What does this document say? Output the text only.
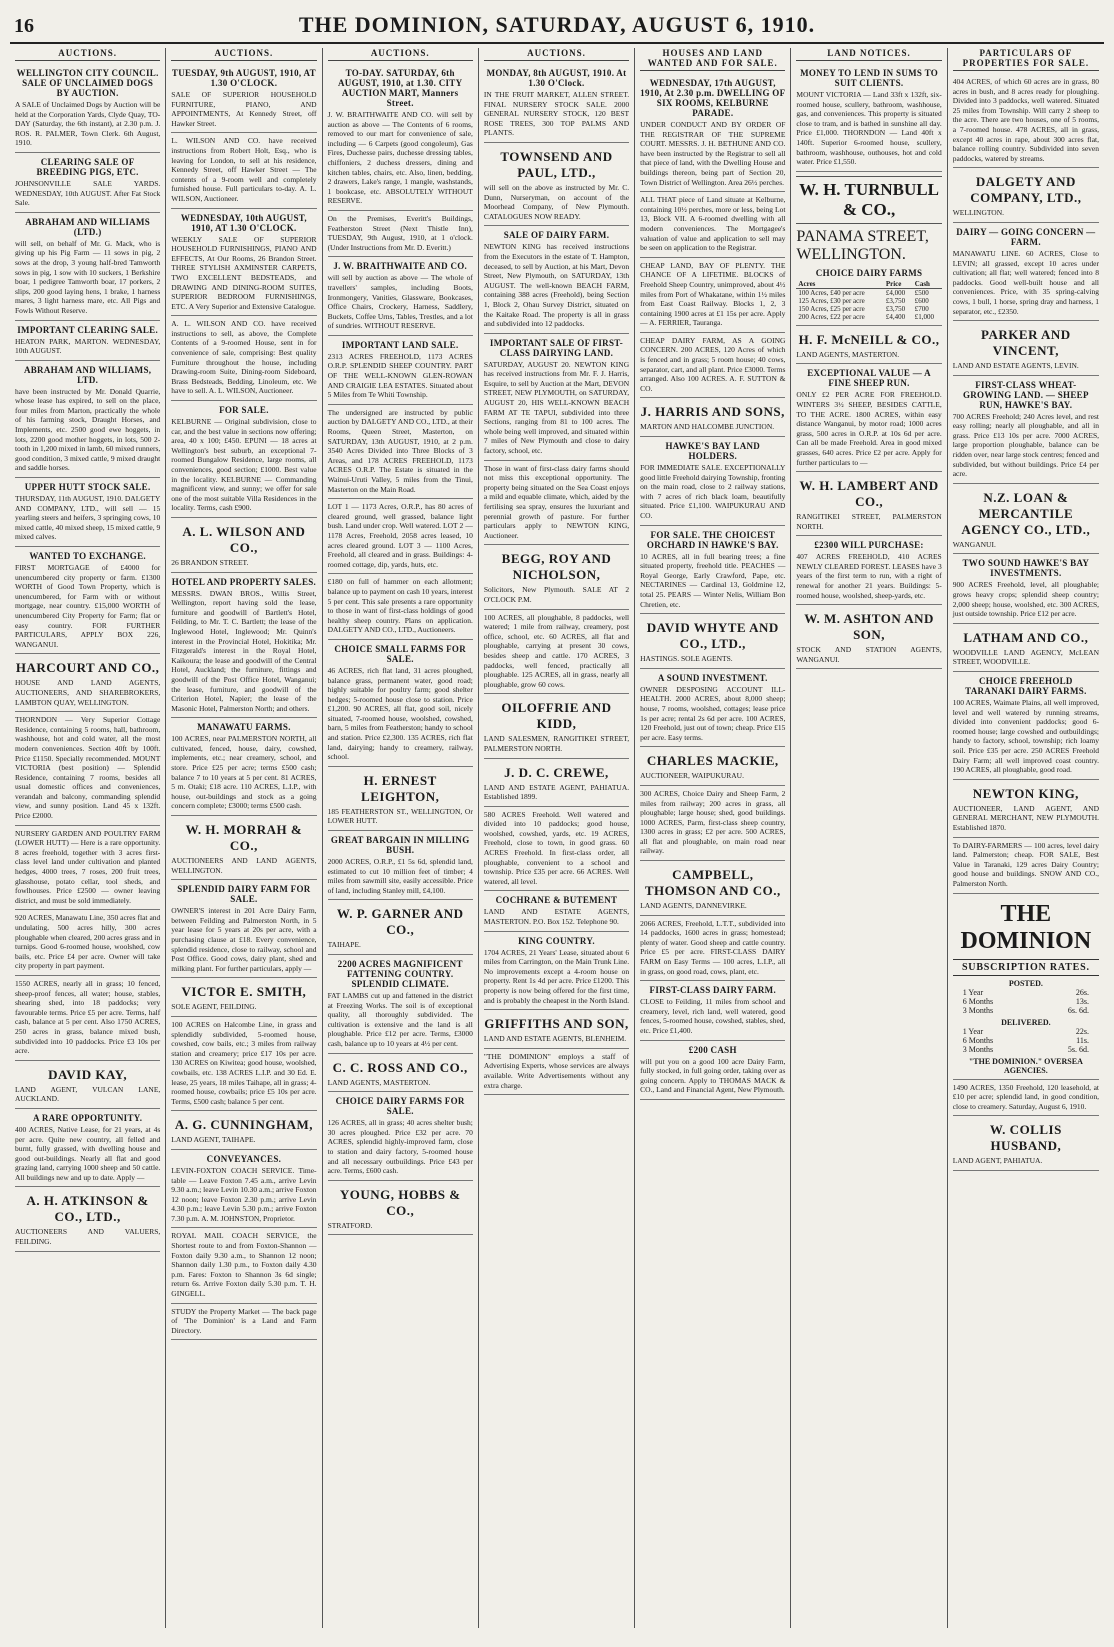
16	THE DOMINION, SATURDAY, AUGUST 6, 1910.
AUCTIONS.
WELLINGTON CITY COUNCIL. SALE OF UNCLAIMED DOGS BY AUCTION.

A SALE of Unclaimed Dogs by Auction will be held at the Corporation Yards, Clyde Quay, TO-DAY (Saturday, the 6th instant), at 2.30 p.m. J. ROS. R. PALMER, Town Clerk. 6th August, 1910.

CLEARING SALE OF BREEDING PIGS, ETC.

JOHNSONVILLE SALE YARDS. WEDNESDAY, 10th AUGUST. After Fat Stock Sale.

ABRAHAM AND WILLIAMS (LTD.)

will sell, on behalf of Mr. G. Mack, who is giving up his Pig Farm — 11 sows in pig, 2 sows at the drop, 3 young half-bred Tamworth sows in pig, 1 sow with 10 suckers, 1 Berkshire boar, 1 pedigree Tamworth boar, 17 porkers, 2 slips, 200 good laying hens, 1 brake, 1 harness mares, 3 light harness mare, etc. All Pigs and Fowls Without Reserve.

IMPORTANT CLEARING SALE.

HEATON PARK, MARTON. WEDNESDAY, 10th AUGUST.

ABRAHAM AND WILLIAMS, LTD.

have been instructed by Mr. Donald Quarrie, whose lease has expired, to sell on the place, four miles from Marton, practically the whole of his farming stock, Draught Horses, and Implements, etc. 2500 good ewe hoggets, in lots, 2200 good mother hoggets, in lots, 500 2-tooth in 1,200 mixed in lamb, 60 mixed runners, good condition, 3 mixed cattle, 9 mixed draught and saddle horses.

UPPER HUTT STOCK SALE.

THURSDAY, 11th AUGUST, 1910. DALGETY AND COMPANY, LTD., will sell — 15 yearling steers and heifers, 3 springing cows, 10 mixed cattle, 40 mixed sheep, 15 mixed cattle, 9 mixed calves.

WANTED TO EXCHANGE.

FIRST MORTGAGE of £4000 for unencumbered city property or farm. £1300 WORTH of Good Town Property, which is unencumbered, for Farm with or without mortgage, near country. £15,000 WORTH of unencumbered City Property for Farm; flat or easy country. FOR FURTHER PARTICULARS, APPLY BOX 226, WANGANUI.

HARCOURT AND CO.,

HOUSE AND LAND AGENTS, AUCTIONEERS, AND SHAREBROKERS, LAMBTON QUAY, WELLINGTON.

THORNDON — Very Superior Cottage Residence, containing 5 rooms, hall, bathroom, washhouse, hot and cold water, all the most modern conveniences. Section 40ft by 100ft. Price £1150. Specially recommended. MOUNT VICTORIA (best position) — Splendid Residence, containing 7 rooms, besides all usual domestic offices and conveniences, verandah and balcony, commanding splendid view, and sunny position. Land 45 x 132ft. Price £2000.

NURSERY GARDEN AND POULTRY FARM (LOWER HUTT) — Here is a rare opportunity. 8 acres freehold, together with 3 acres first-class level land under cultivation and planted hedges, 4000 trees, 7 roses, 200 fruit trees, glasshouse, potato cellar, tool sheds, and fowlhouses. Price £2500 — owner leaving district, and must be sold immediately.

920 ACRES, Manawatu Line, 350 acres flat and undulating, 500 acres hilly, 300 acres ploughable when cleared, 200 acres grass and in turnips. Good 6-roomed house, woolshed, cow bails, etc. Price £4 per acre. Owner will take city property in part payment.

1550 ACRES, nearly all in grass; 10 fenced, sheep-proof fences, all water; house, stables, shearing shed, into 18 paddocks; very favourable terms. Price £5 per acre. Terms, half cash, balance at 5 per cent. Also 1750 ACRES, 250 acres in grass, balance mixed bush, subdivided into 10 paddocks. Price £3 10s per acre.

DAVID KAY,

LAND AGENT, VULCAN LANE, AUCKLAND.

A RARE OPPORTUNITY.

400 ACRES, Native Lease, for 21 years, at 4s per acre. Quite new country, all felled and burnt, fully grassed, with dwelling house and good out-buildings. Nearly all flat and good grazing land, carrying 1000 sheep and 50 cattle. All buildings new and up to date. Apply —

A. H. ATKINSON & CO., LTD.,

AUCTIONEERS AND VALUERS, FEILDING.

AUCTIONS.
TUESDAY, 9th AUGUST, 1910, AT 1.30 O'CLOCK.

SALE OF SUPERIOR HOUSEHOLD FURNITURE, PIANO, AND APPOINTMENTS, At Kennedy Street, off Hawker Street.

L. WILSON AND CO. have received instructions from Robert Holt, Esq., who is leaving for London, to sell at his residence, Kennedy Street, off Hawker Street — The contents of a 9-room well and completely furnished house. Full particulars to-day. A. L. WILSON, Auctioneer.

WEDNESDAY, 10th AUGUST, 1910, AT 1.30 O'CLOCK.

WEEKLY SALE OF SUPERIOR HOUSEHOLD FURNISHINGS, PIANO AND EFFECTS, At Our Rooms, 26 Brandon Street. THREE STYLISH AXMINSTER CARPETS, TWO EXCELLENT BEDSTEADS, and DRAWING AND DINING-ROOM SUITES, SUPERIOR BEDROOM FURNISHINGS, ETC. A Very Superior and Extensive Catalogue.

A. L. WILSON AND CO. have received instructions to sell, as above, the Complete Contents of a 9-roomed House, sent in for convenience of sale, comprising: Best quality Furniture throughout the house, including Drawing-room Suite, Dining-room Sideboard, Brass Bedsteads, Bedding, Linoleum, etc. We have to sell. A. L. WILSON, Auctioneer.

FOR SALE.

KELBURNE — Original subdivision, close to car, and the best value in sections now offering; area, 40 x 100; £450. EPUNI — 18 acres at Wellington's best suburb, an exceptional 7-roomed Bungalow Residence, large rooms, all conveniences, good section; £1000. Best value in the locality. KELBURNE — Commanding magnificent view, and sunny; we offer for sale one of the most suitable Villa Residences in the locality. Terms, cash £900.

A. L. WILSON AND CO.,

26 BRANDON STREET.

HOTEL AND PROPERTY SALES.

MESSRS. DWAN BROS., Willis Street, Wellington, report having sold the lease, furniture and goodwill of Bartlett's Hotel, Feilding, to Mr. T. C. Bartlett; the lease of the Inglewood Hotel, Inglewood; Mr. Quinn's interest in the Provincial Hotel, Hokitika; Mr. Fitzgerald's interest in the Royal Hotel, Kaikoura; the lease and goodwill of the Central Hotel, Auckland; the furniture, fittings and goodwill of the Post Office Hotel, Wanganui; the lease, furniture, and goodwill of the Criterion Hotel, Napier; the lease of the Masonic Hotel, Palmerston North; and others.

MANAWATU FARMS.

100 ACRES, near PALMERSTON NORTH, all cultivated, fenced, house, dairy, cowshed, implements, etc.; near creamery, school, and store. Price £25 per acre; terms £500 cash; balance 7 to 10 years at 5 per cent. 81 ACRES, 5 m. Otaki; £18 acre. 110 ACRES, L.I.P., with house, out-buildings and stock as a going concern complete; £3000; terms £500 cash.

W. H. MORRAH & CO.,

AUCTIONEERS AND LAND AGENTS, WELLINGTON.

SPLENDID DAIRY FARM FOR SALE.

OWNER'S interest in 201 Acre Dairy Farm, between Feilding and Palmerston North, in 5 year lease for 5 years at 20s per acre, with a purchasing clause at £18. Every convenience, splendid residence, close to railway, school and Post Office. Good cows, dairy plant, shed and milking plant. For further particulars, apply —

VICTOR E. SMITH,

SOLE AGENT, FEILDING.

100 ACRES on Halcombe Line, in grass and splendidly subdivided, 5-roomed house, cowshed, cow bails, etc.; 3 miles from railway station and creamery; price £17 10s per acre. 130 ACRES on Kiwitea; good house, woolshed, cowbails, etc. 138 ACRES L.I.P. and 30 Ed. E. lease, 25 years, 18 miles Taihape, all in grass; 4-roomed house, cowbails; price £5 10s per acre. Terms, £500 cash; balance 5 per cent.

A. G. CUNNINGHAM,

LAND AGENT, TAIHAPE.

CONVEYANCES.

LEVIN-FOXTON COACH SERVICE. Time-table — Leave Foxton 7.45 a.m., arrive Levin 9.30 a.m.; leave Levin 10.30 a.m.; arrive Foxton 12 noon; leave Foxton 2.30 p.m.; arrive Levin 4.30 p.m.; leave Levin 5.30 p.m.; arrive Foxton 7.30 p.m. A. M. JOHNSTON, Proprietor.

ROYAL MAIL COACH SERVICE, the Shortest route to and from Foxton-Shannon — Foxton daily 9.30 a.m., to Shannon 12 noon; Shannon daily 1.30 p.m., to Foxton daily 4.30 p.m. Fares: Foxton to Shannon 3s 6d single; return 6s. Arrive Foxton daily 5.30 p.m. T. H. GINGELL.

STUDY the Property Market — The back page of 'The Dominion' is a Land and Farm Directory.

AUCTIONS.
TO-DAY. SATURDAY, 6th AUGUST, 1910, at 1.30. CITY AUCTION MART, Manners Street.

J. W. BRAITHWAITE AND CO. will sell by auction as above — The Contents of 6 rooms, removed to our mart for convenience of sale, including — 6 Carpets (good congoleum), Gas Fires, Duchesse pairs, duchesse dressing tables, chiffoniers, 2 duchess dressers, dining and kitchen tables, chairs, etc. Also, linen, bedding, 2 drawers, Lake's range, 1 mangle, washstands, 1 bookcase, etc. ABSOLUTELY WITHOUT RESERVE.

On the Premises, Everitt's Buildings, Featherston Street (Next Thistle Inn), TUESDAY, 9th August, 1910, at 1 o'clock. (Under Instructions from Mr. D. Everitt.)

J. W. BRAITHWAITE AND CO.

will sell by auction as above — The whole of travellers' samples, including Boots, Ironmongery, Vanities, Glassware, Bookcases, Office Chairs, Crockery, Harness, Saddlery, Buckets, Coffee Urns, Tables, Trestles, and a lot of sundries. WITHOUT RESERVE.

IMPORTANT LAND SALE.

2313 ACRES FREEHOLD, 1173 ACRES O.R.P. SPLENDID SHEEP COUNTRY. PART OF THE WELL-KNOWN GLEN-ROWAN AND CRAIGIE LEA ESTATES. Situated about 5 Miles from Te Whiti Township.

The undersigned are instructed by public auction by DALGETY AND CO., LTD., at their Rooms, Queen Street, Masterton, on SATURDAY, 13th AUGUST, 1910, at 2 p.m. 3540 Acres Divided into Three Blocks of 3 Areas, and 178 ACRES FREEHOLD, 1173 ACRES O.R.P. The Estate is situated in the Wainui-Uruti Valley, 5 miles from the Tinui, Masterton on the Main Road.

LOT 1 — 1173 Acres, O.R.P., has 80 acres of cleared ground, well grassed, balance light bush. Land under crop. Well watered. LOT 2 — 1178 Acres, Freehold, 2058 acres leased, 10 acres cleared ground. LOT 3 — 1100 Acres, Freehold, all cleared and in grass. Buildings: 4-roomed cottage, dip, yards, huts, etc.

£180 on full of hammer on each allotment; balance up to payment on cash 10 years, interest 5 per cent. This sale presents a rare opportunity to those in want of first-class holdings of good healthy sheep country. Plans on application. DALGETY AND CO., LTD., Auctioneers.

CHOICE SMALL FARMS FOR SALE.

46 ACRES, rich flat land, 31 acres ploughed, balance grass, permanent water, good road; highly suitable for poultry farm; good shelter hedges; 5-roomed house close to station. Price £1,200. 90 ACRES, all flat, good soil, nicely situated, 7-roomed house, woolshed, cowshed, barn, 5 miles from Featherston; handy to school and station. Price £2,300. 135 ACRES, rich flat land, dairying; handy to creamery, railway, school.

H. ERNEST LEIGHTON,

185 FEATHERSTON ST., WELLINGTON, Or LOWER HUTT.

GREAT BARGAIN IN MILLING BUSH.

2000 ACRES, O.R.P., £1 5s 6d, splendid land, estimated to cut 10 million feet of timber; 4 miles from sawmill site, easily accessible. Price of land, including Stanley mill, £4,100.

W. P. GARNER AND CO.,

TAIHAPE.

2200 ACRES MAGNIFICENT FATTENING COUNTRY. SPLENDID CLIMATE.

FAT LAMBS cut up and fattened in the district at Freezing Works. The soil is of exceptional quality, all thoroughly subdivided. The cultivation is extensive and the land is all ploughable. Price £12 per acre. Terms, £3000 cash, balance up to 10 years at 4½ per cent.

C. C. ROSS AND CO.,

LAND AGENTS, MASTERTON.

CHOICE DAIRY FARMS FOR SALE.

126 ACRES, all in grass; 40 acres shelter bush; 30 acres ploughed. Price £32 per acre. 70 ACRES, splendid highly-improved farm, close to station and dairy factory, 5-roomed house and all necessary outbuildings. Price £43 per acre. Terms, £600 cash.

YOUNG, HOBBS & CO.,

STRATFORD.

AUCTIONS.
MONDAY, 8th AUGUST, 1910. At 1.30 O'Clock.

IN THE FRUIT MARKET, ALLEN STREET. FINAL NURSERY STOCK SALE. 2000 GENERAL NURSERY STOCK, 120 BEST ROSE TREES, 300 TOP PALMS AND PLANTS.

TOWNSEND AND PAUL, LTD.,

will sell on the above as instructed by Mr. C. Dunn, Nurseryman, on account of the Moorhead Company, of New Plymouth. CATALOGUES NOW READY.

SALE OF DAIRY FARM.

NEWTON KING has received instructions from the Executors in the estate of T. Hampton, deceased, to sell by Auction, at his Mart, Devon Street, New Plymouth, on SATURDAY, 13th AUGUST. The well-known BEACH FARM, containing 388 acres (Freehold), being Section 1, Block 2, Ohau Survey District, situated on the Kaitake Road. The property is all in grass and subdivided into 12 paddocks.

IMPORTANT SALE OF FIRST-CLASS DAIRYING LAND.

SATURDAY, AUGUST 20. NEWTON KING has received instructions from Mr. F. J. Harris, Esquire, to sell by Auction at the Mart, DEVON STREET, NEW PLYMOUTH, on SATURDAY, AUGUST 20, HIS WELL-KNOWN BEACH FARM AT TE TAPUI, subdivided into three Sections, ranging from 81 to 100 acres. The whole being well improved, and situated within 7 miles of New Plymouth and close to dairy factory, school, etc.

Those in want of first-class dairy farms should not miss this exceptional opportunity. The property being situated on the Sea Coast enjoys a mild and equable climate, which, aided by the fertilising sea spray, ensures the luxuriant and perennial growth of pasture. For further particulars apply to NEWTON KING, Auctioneer.

BEGG, ROY AND NICHOLSON,

Solicitors, New Plymouth. SALE AT 2 O'CLOCK P.M.

100 ACRES, all ploughable, 8 paddocks, well watered; 1 mile from railway, creamery, post office, school, etc. 60 ACRES, all flat and ploughable, carrying at present 30 cows, besides sheep and cattle. 170 ACRES, 3 paddocks, well fenced, practically all ploughable. 125 ACRES, all in grass, nearly all ploughable, grow 60 cows.

OILOFFRIE AND KIDD,

LAND SALESMEN, RANGITIKEI STREET, PALMERSTON NORTH.

J. D. C. CREWE,

LAND AND ESTATE AGENT, PAHIATUA. Established 1899.

580 ACRES Freehold. Well watered and divided into 10 paddocks; good house, woolshed, cowshed, yards, etc. 19 ACRES, Freehold, close to town, in good grass. 60 ACRES Freehold. In first-class order, all ploughable, convenient to a school and township. Price £35 per acre. 66 ACRES. Well watered, all level.

COCHRANE & BUTEMENT

LAND AND ESTATE AGENTS, MASTERTON. P.O. Box 152. Telephone 90.

KING COUNTRY.

1704 ACRES, 21 Years' Lease, situated about 6 miles from Carrington, on the Main Trunk Line. No improvements except a 4-room house on property. Rent 1s 4d per acre. Price £1200. This property is now being offered for the first time, and is probably the cheapest in the North Island.

GRIFFITHS AND SON,

LAND AND ESTATE AGENTS, BLENHEIM.

"THE DOMINION" employs a staff of Advertising Experts, whose services are always available. Write Advertisements without any extra charge.

HOUSES AND LAND WANTED AND FOR SALE.
WEDNESDAY, 17th AUGUST, 1910, At 2.30 p.m. DWELLING OF SIX ROOMS, KELBURNE PARADE.

UNDER CONDUCT AND BY ORDER OF THE REGISTRAR OF THE SUPREME COURT. MESSRS. J. H. BETHUNE AND CO. have been instructed by the Registrar to sell all that piece of land, with the Dwelling House and buildings thereon, being part of Section 20, Town District of Wellington. Area 26½ perches.

ALL THAT piece of Land situate at Kelburne, containing 10½ perches, more or less, being Lot 13, Block VII. A 6-roomed dwelling with all modern conveniences. The Mortgagee's valuation of value and application to sell may be seen on application to the Registrar.

CHEAP LAND, BAY OF PLENTY. THE CHANCE OF A LIFETIME. BLOCKS of Freehold Sheep Country, unimproved, about 4½ miles from Port of Whakatane, within 1½ miles from East Coast Railway. Blocks 1, 2, 3 containing 1900 acres at £1 15s per acre. Apply — A. FERRIER, Tauranga.

CHEAP DAIRY FARM, AS A GOING CONCERN. 200 ACRES, 120 Acres of which is fenced and in grass; 5 room house; 40 cows, separator, cart, and all plant. Price £3000. Terms arranged. Also 100 ACRES. A. F. SUTTON & CO.

J. HARRIS AND SONS,

MARTON AND HALCOMBE JUNCTION.

HAWKE'S BAY LAND HOLDERS.

FOR IMMEDIATE SALE. EXCEPTIONALLY good little Freehold dairying Township, fronting on the main road, close to 2 railway stations, with 7 acres of rich black loam, beautifully situated. Price £1,100. WAIPUKURAU AND CO.

FOR SALE. THE CHOICEST ORCHARD IN HAWKE'S BAY.

10 ACRES, all in full bearing trees; a fine situated property, freehold title. PEACHES — Royal George, Early Crawford, Pape, etc. NECTARINES — Cardinal 13, Goldmine 12, total 25. PEARS — Winter Nelis, William Bon Chretien, etc.

DAVID WHYTE AND CO., LTD.,

HASTINGS. SOLE AGENTS.

A SOUND INVESTMENT.

OWNER DESPOSING ACCOUNT ILL-HEALTH. 2000 ACRES, about 8,000 sheep; house, 7 rooms, woolshed, cottages; lease price 1s per acre; rental 2s 6d per acre. 100 ACRES, 120 Freehold, just out of town; cheap. Price £15 per acre. Easy terms.

CHARLES MACKIE,

AUCTIONEER, WAIPUKURAU.

300 ACRES, Choice Dairy and Sheep Farm, 2 miles from railway; 200 acres in grass, all ploughable; large house; shed, good buildings. 1000 ACRES, Parm, first-class sheep country, 1300 acres in grass; £2 per acre. 500 ACRES, all flat and ploughable, on main road near railway.

CAMPBELL, THOMSON AND CO.,

LAND AGENTS, DANNEVIRKE.

2066 ACRES, Freehold, L.T.T., subdivided into 14 paddocks, 1600 acres in grass; homestead; plenty of water. Good sheep and cattle country. Price £5 per acre. FIRST-CLASS DAIRY FARM on Easy Terms — 100 acres, L.I.P., all in grass, on good road, cows, plant, etc.

FIRST-CLASS DAIRY FARM.

CLOSE to Feilding, 11 miles from school and creamery, level, rich land, well watered, good fences, 5-roomed house, cowshed, stables, shed, etc. Price £1,400.

£200 CASH

will put you on a good 100 acre Dairy Farm, fully stocked, in full going order, taking over as going concern. Apply to THOMAS MACK & CO., Land and Financial Agent, New Plymouth.

LAND NOTICES.
MONEY TO LEND IN SUMS TO SUIT CLIENTS.

MOUNT VICTORIA — Land 33ft x 132ft, six-roomed house, scullery, bathroom, washhouse, gas, and conveniences. This property is situated close to tram, and is bathed in sunshine all day. Price £1,000. THORNDON — Land 40ft x 140ft. Superior 6-roomed house, scullery, bathroom, washhouse, outhouses, hot and cold water. Price £1,550.

W. H. TURNBULL & CO.,
PANAMA STREET, WELLINGTON.
CHOICE DAIRY FARMS
Acres	Price	Cash
100 Acres, £40 per acre	£4,000	£500
125 Acres, £30 per acre	£3,750	£600
150 Acres, £25 per acre	£3,750	£700
200 Acres, £22 per acre	£4,400	£1,000
H. F. McNEILL & CO.,

LAND AGENTS, MASTERTON.

EXCEPTIONAL VALUE — A FINE SHEEP RUN.

ONLY £2 PER ACRE FOR FREEHOLD. WINTERS 3½ SHEEP, BESIDES CATTLE, TO THE ACRE. 1800 ACRES, within easy distance Wanganui, by motor road; 1000 acres grass, 500 acres in O.R.P. at 10s 6d per acre. Can all be made Freehold. Area in good mixed grasses, 640 acres. Price £2 per acre. Apply for further particulars to —

W. H. LAMBERT AND CO.,

RANGITIKEI STREET, PALMERSTON NORTH.

£2300 WILL PURCHASE:

407 ACRES FREEHOLD, 410 ACRES NEWLY CLEARED FOREST. LEASES have 3 years of the first term to run, with a right of renewal for another 21 years. Buildings: 5-roomed house, woolshed, sheep-yards, etc.

W. M. ASHTON AND SON,

STOCK AND STATION AGENTS, WANGANUI.

PARTICULARS OF PROPERTIES FOR SALE.

404 ACRES, of which 60 acres are in grass, 80 acres in bush, and 8 acres ready for ploughing. Divided into 3 paddocks, well watered. Situated 25 miles from Township. Will carry 2 sheep to the acre. There are two houses, one of 5 rooms, a 7-roomed house. 478 ACRES, all in grass, except 40 acres in rape, about 300 acres flat, balance rolling country. Subdivided into seven paddocks, watered by streams.

DALGETY AND COMPANY, LTD.,

WELLINGTON.

DAIRY — GOING CONCERN — FARM.

MANAWATU LINE. 60 ACRES, Close to LEVIN; all grassed, except 10 acres under cultivation; all flat; well watered; fenced into 8 paddocks. Good well-built house and all conveniences. Price, with 35 spring-calving cows, 1 bull, 1 horse, spring dray and harness, 1 separator, etc., £2350.

PARKER AND VINCENT,

LAND AND ESTATE AGENTS, LEVIN.

FIRST-CLASS WHEAT-GROWING LAND. — SHEEP RUN, HAWKE'S BAY.

700 ACRES Freehold; 240 Acres level, and rest easy rolling; nearly all ploughable, and all in grass. Price £13 10s per acre. 7000 ACRES, large proportion ploughable, balance can be ridden over, near large stock centres; fenced and subdivided, but without buildings. Price £4 per acre.

N.Z. LOAN & MERCANTILE AGENCY CO., LTD.,

WANGANUI.

TWO SOUND HAWKE'S BAY INVESTMENTS.

900 ACRES Freehold, level, all ploughable; grows heavy crops; splendid sheep country; 2,000 sheep; house, woolshed, etc. 300 ACRES, just outside township. Price £12 per acre.

LATHAM AND CO.,

WOODVILLE LAND AGENCY, McLEAN STREET, WOODVILLE.

CHOICE FREEHOLD TARANAKI DAIRY FARMS.

100 ACRES, Waimate Plains, all well improved, level and well watered by running streams, divided into convenient paddocks; good 6-roomed house; large cowshed and outbuildings; handy to factory, school, township; rich loamy soil. Price £35 per acre. 250 ACRES Freehold Dairy Farm; all well improved coast country. 190 ACRES, all ploughable, good road.

NEWTON KING,

AUCTIONEER, LAND AGENT, AND GENERAL MERCHANT, NEW PLYMOUTH. Established 1870.

To DAIRY-FARMERS — 100 acres, level dairy land. Palmerston; cheap. FOR SALE, Best Value in Taranaki, 129 acres Dairy Country; good house and buildings. SNOW AND CO., Palmerston North.

THE DOMINION
SUBSCRIPTION RATES.
POSTED.
1 Year	26s.
6 Months	13s.
3 Months	6s. 6d.
DELIVERED.
1 Year	22s.
6 Months	11s.
3 Months	5s. 6d.
"THE DOMINION." OVERSEA AGENCIES.

1490 ACRES, 1350 Freehold, 120 leasehold, at £10 per acre; splendid land, in good condition, close to creamery. Saturday, August 6, 1910.

W. COLLIS HUSBAND,

LAND AGENT, PAHIATUA.
